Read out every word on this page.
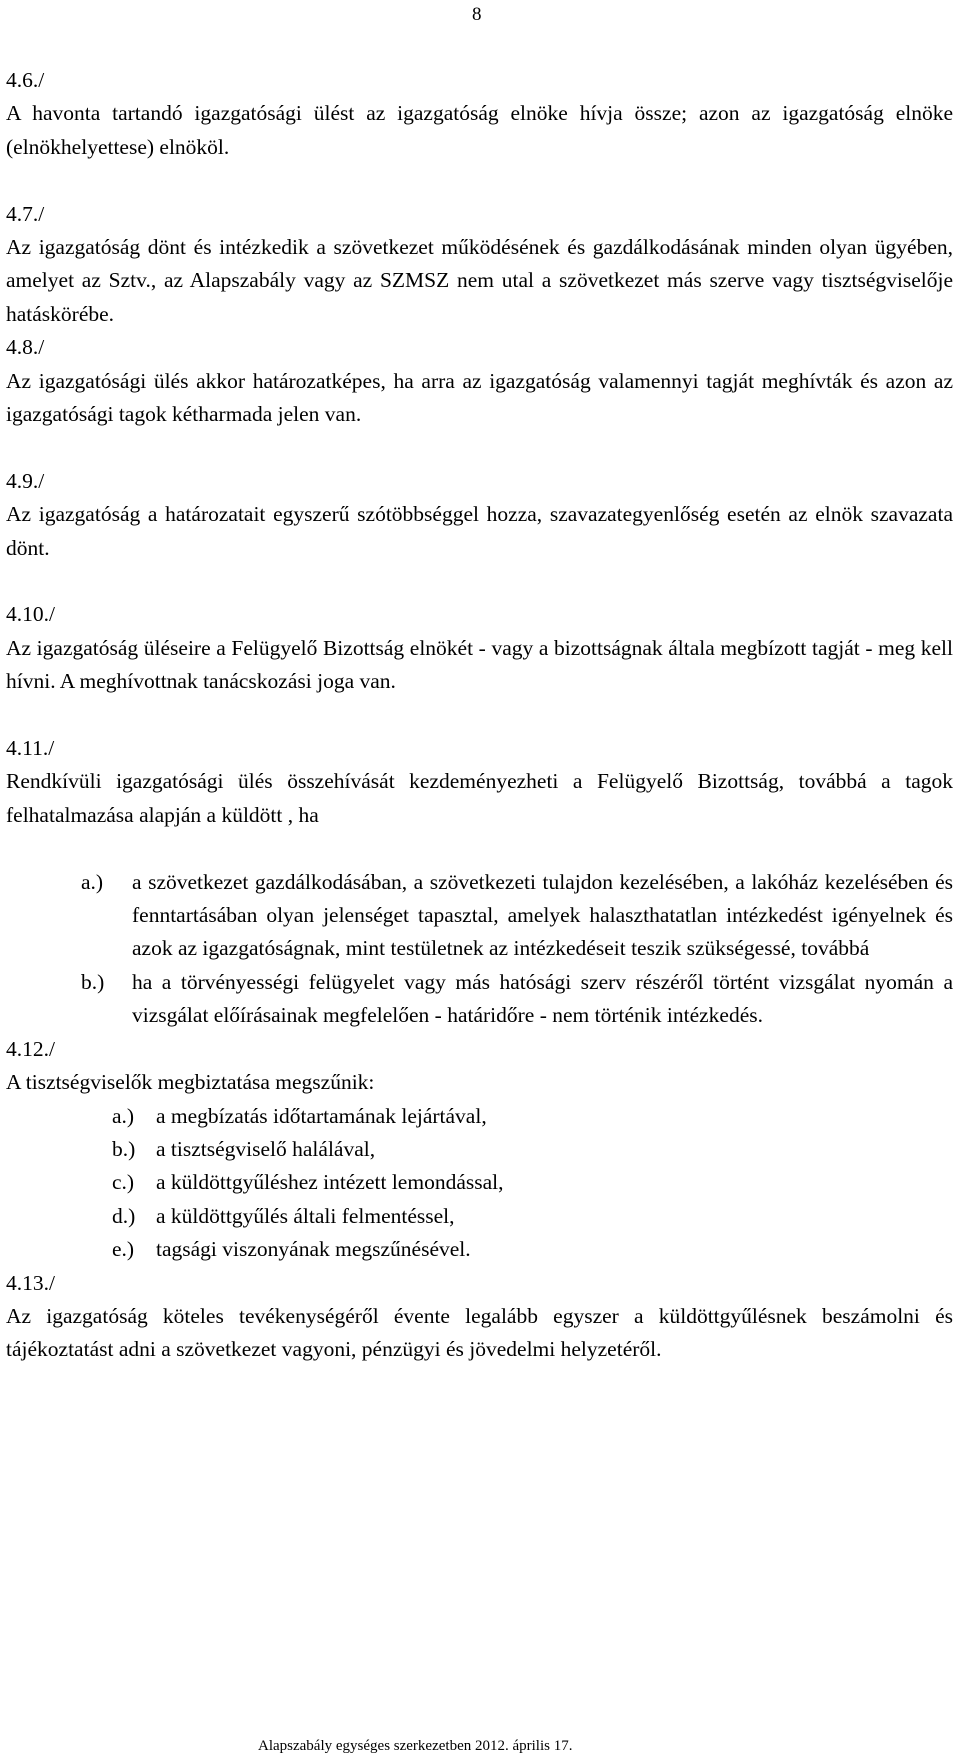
8
4.6./

A havonta tartandó igazgatósági ülést az igazgatóság elnöke hívja össze; azon az igazgatóság elnöke (elnökhelyettese) elnököl.

4.7./

Az igazgatóság dönt és intézkedik a szövetkezet működésének és gazdálkodásának minden olyan ügyében, amelyet az Sztv., az Alapszabály vagy az SZMSZ nem utal a szövetkezet más szerve vagy tisztségviselője hatáskörébe.

4.8./

Az igazgatósági ülés akkor határozatképes, ha arra az igazgatóság valamennyi tagját meghívták és azon az igazgatósági tagok kétharmada jelen van.

4.9./

Az igazgatóság a határozatait egyszerű szótöbbséggel hozza, szavazategyenlőség esetén az elnök szavazata dönt.

4.10./

Az igazgatóság üléseire a Felügyelő Bizottság elnökét - vagy a bizottságnak általa megbízott tagját - meg kell hívni. A meghívottnak tanácskozási joga van.

4.11./

Rendkívüli igazgatósági ülés összehívását kezdeményezheti a Felügyelő Bizottság, továbbá a tagok felhatalmazása alapján a küldött , ha

a.)	a szövetkezet gazdálkodásában, a szövetkezeti tulajdon kezelésében, a lakóház kezelésében és fenntartásában olyan jelenséget tapasztal, amelyek halaszthatatlan intézkedést igényelnek és azok az igazgatóságnak, mint testületnek az intézkedéseit teszik szükségessé, továbbá
b.)	ha a törvényességi felügyelet vagy más hatósági szerv részéről történt vizsgálat nyomán a vizsgálat előírásainak megfelelően - határidőre - nem történik intézkedés.
4.12./

A tisztségviselők megbiztatása megszűnik:

a.)	a megbízatás időtartamának lejártával,
b.) a tisztségviselő halálával,
c.)	a küldöttgyűléshez intézett lemondással,
d.) a küldöttgyűlés általi felmentéssel,
e.)	tagsági viszonyának megszűnésével.
4.13./

Az igazgatóság köteles tevékenységéről évente legalább egyszer a küldöttgyűlésnek beszámolni és tájékoztatást adni a szövetkezet vagyoni, pénzügyi és jövedelmi helyzetéről.

Alapszabály egységes szerkezetben 2012. április 17.
